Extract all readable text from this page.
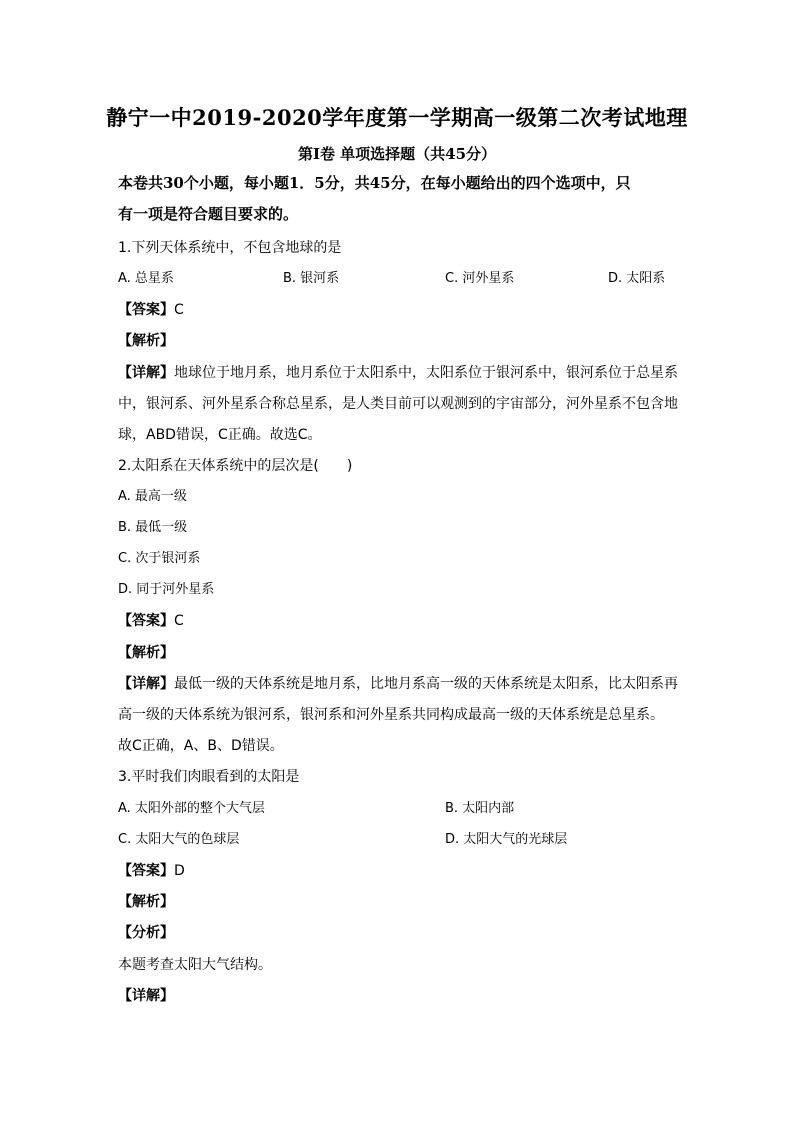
静宁一中2019-2020学年度第一学期高一级第二次考试地理
第Ⅰ卷 单项选择题（共45分）
本卷共30个小题，每小题1．5分，共45分，在每小题给出的四个选项中，只
有一项是符合题目要求的。
1.下列天体系统中，不包含地球的是
A. 总星系	B. 银河系	C. 河外星系	D. 太阳系
【答案】C
【解析】
【详解】地球位于地月系，地月系位于太阳系中，太阳系位于银河系中，银河系位于总星系
中，银河系、河外星系合称总星系，是人类目前可以观测到的宇宙部分，河外星系不包含地
球，ABD错误，C正确。故选C。
2.太阳系在天体系统中的层次是(　　)
A. 最高一级
B. 最低一级
C. 次于银河系
D. 同于河外星系
【答案】C
【解析】
【详解】最低一级的天体系统是地月系，比地月系高一级的天体系统是太阳系，比太阳系再
高一级的天体系统为银河系，银河系和河外星系共同构成最高一级的天体系统是总星系。
故C正确，A、B、D错误。
3.平时我们肉眼看到的太阳是
A. 太阳外部的整个大气层	B. 太阳内部
C. 太阳大气的色球层	D. 太阳大气的光球层
【答案】D
【解析】
【分析】
本题考查太阳大气结构。
【详解】
